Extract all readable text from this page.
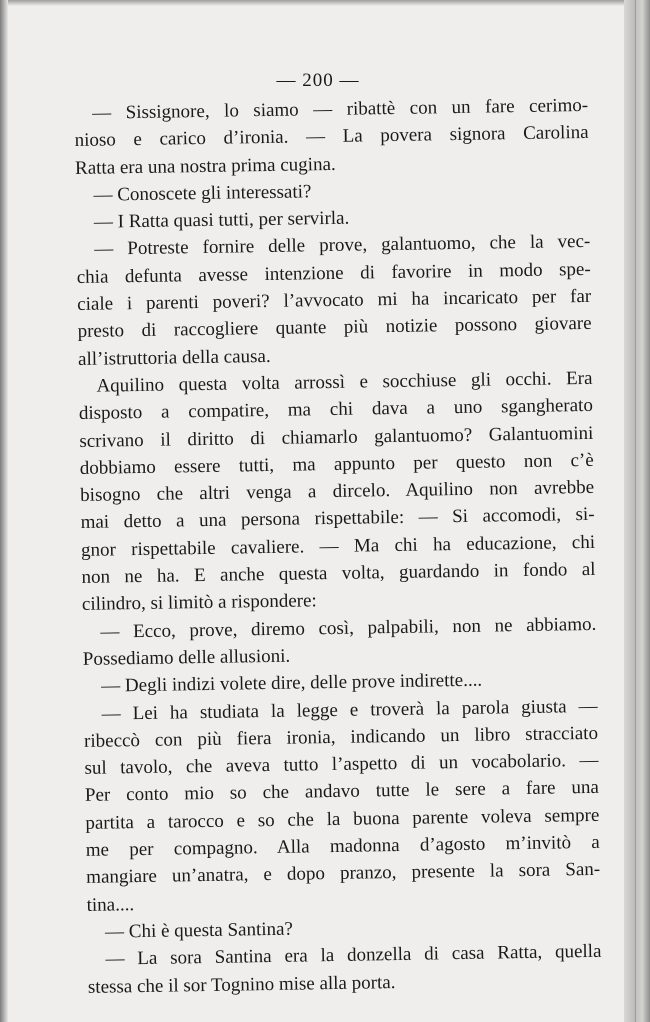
— 200 —
— Sissignore, lo siamo — ribattè con un fare cerimo-
nioso e carico d’ironia. — La povera signora Carolina
Ratta era una nostra prima cugina.
— Conoscete gli interessati?
— I Ratta quasi tutti, per servirla.
— Potreste fornire delle prove, galantuomo, che la vec-
chia defunta avesse intenzione di favorire in modo spe-
ciale i parenti poveri? l’avvocato mi ha incaricato per far
presto di raccogliere quante più notizie possono giovare
all’istruttoria della causa.
Aquilino questa volta arrossì e socchiuse gli occhi. Era
disposto a compatire, ma chi dava a uno sgangherato
scrivano il diritto di chiamarlo galantuomo? Galantuomini
dobbiamo essere tutti, ma appunto per questo non c’è
bisogno che altri venga a dircelo. Aquilino non avrebbe
mai detto a una persona rispettabile: — Si accomodi, si-
gnor rispettabile cavaliere. — Ma chi ha educazione, chi
non ne ha. E anche questa volta, guardando in fondo al
cilindro, si limitò a rispondere:
— Ecco, prove, diremo così, palpabili, non ne abbiamo.
Possediamo delle allusioni.
— Degli indizi volete dire, delle prove indirette....
— Lei ha studiata la legge e troverà la parola giusta —
ribeccò con più fiera ironia, indicando un libro stracciato
sul tavolo, che aveva tutto l’aspetto di un vocabolario. —
Per conto mio so che andavo tutte le sere a fare una
partita a tarocco e so che la buona parente voleva sempre
me per compagno. Alla madonna d’agosto m’invitò a
mangiare un’anatra, e dopo pranzo, presente la sora San-
tina....
— Chi è questa Santina?
— La sora Santina era la donzella di casa Ratta, quella
stessa che il sor Tognino mise alla porta.
